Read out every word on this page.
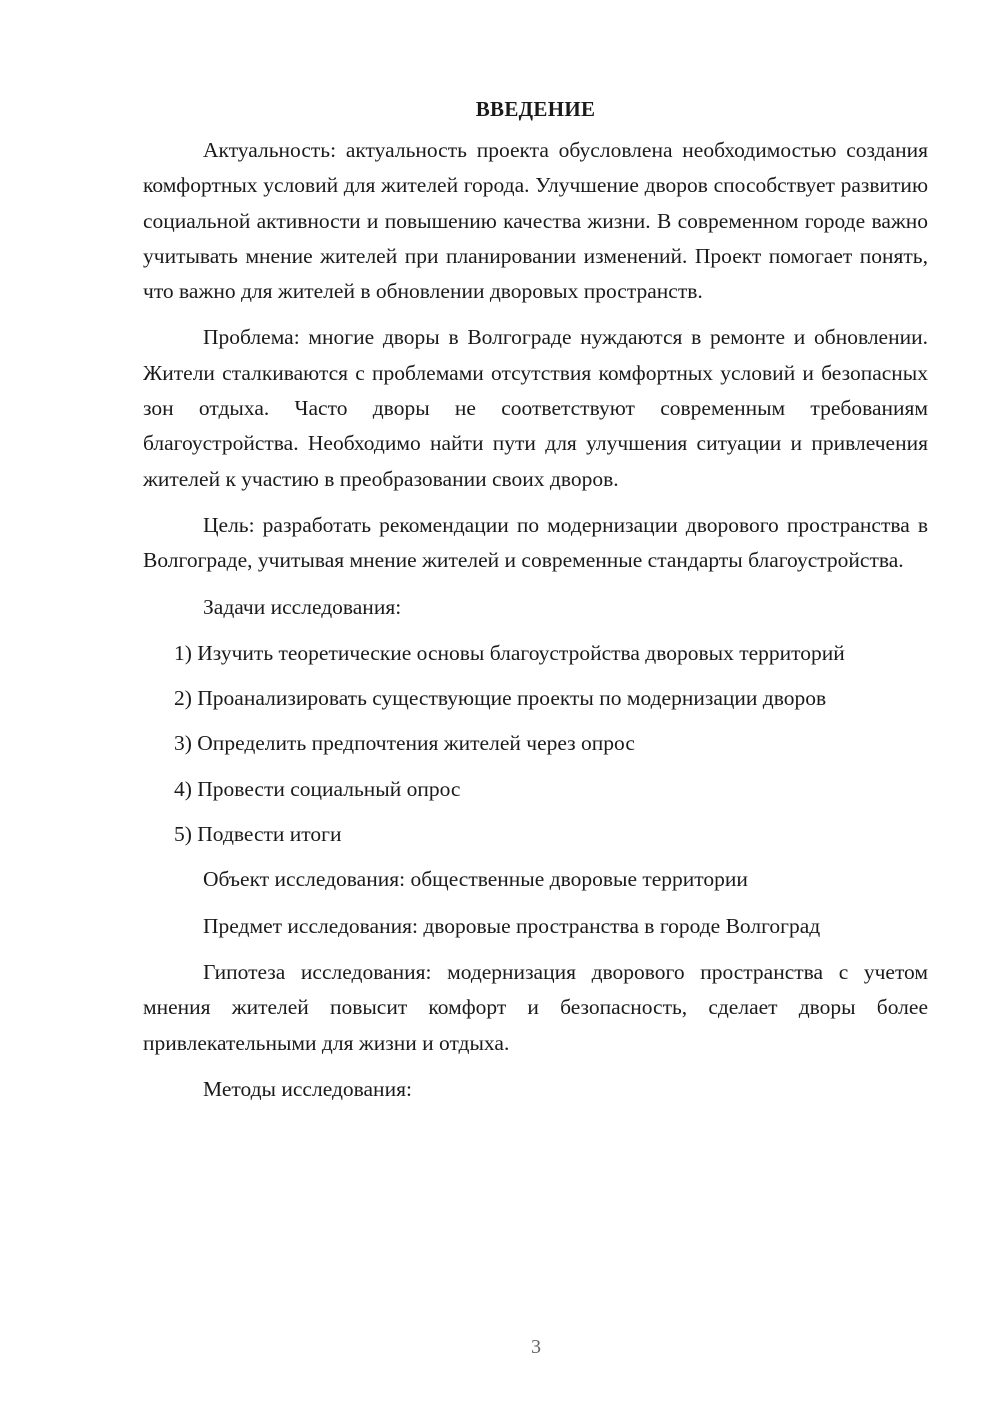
ВВЕДЕНИЕ

Актуальность: актуальность проекта обусловлена необходимостью создания комфортных условий для жителей города. Улучшение дворов способствует развитию социальной активности и повышению качества жизни. В современном городе важно учитывать мнение жителей при планировании изменений. Проект помогает понять, что важно для жителей в обновлении дворовых пространств.

Проблема: многие дворы в Волгограде нуждаются в ремонте и обновлении. Жители сталкиваются с проблемами отсутствия комфортных условий и безопасных зон отдыха. Часто дворы не соответствуют современным требованиям благоустройства. Необходимо найти пути для улучшения ситуации и привлечения жителей к участию в преобразовании своих дворов.

Цель: разработать рекомендации по модернизации дворового пространства в Волгограде, учитывая мнение жителей и современные стандарты благоустройства.

Задачи исследования:

1) Изучить теоретические основы благоустройства дворовых территорий

2) Проанализировать существующие проекты по модернизации дворов

3) Определить предпочтения жителей через опрос

4) Провести социальный опрос

5) Подвести итоги

Объект исследования: общественные дворовые территории

Предмет исследования: дворовые пространства в городе Волгоград

Гипотеза исследования: модернизация дворового пространства с учетом мнения жителей повысит комфорт и безопасность, сделает дворы более привлекательными для жизни и отдыха.

Методы исследования:

3
